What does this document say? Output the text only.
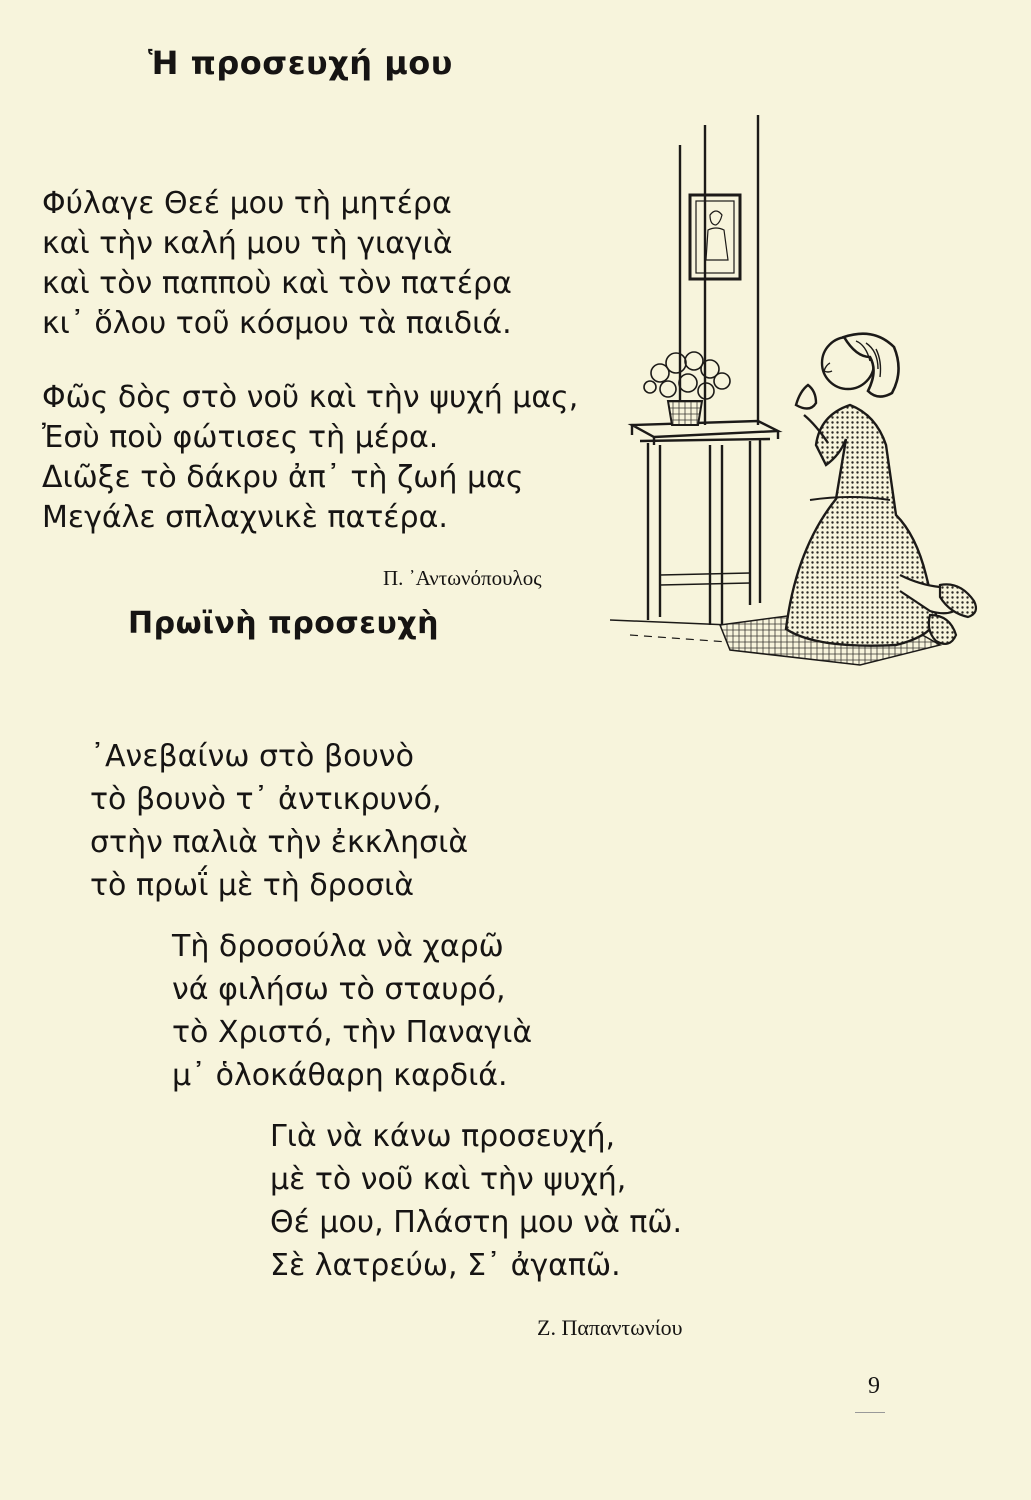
Ἡ προσευχή μου
Φύλαγε Θεέ μου τὴ μητέρα
καὶ τὴν καλή μου τὴ γιαγιὰ
καὶ τὸν παπποὺ καὶ τὸν πατέρα
κι᾽ ὅλου τοῦ κόσμου τὰ παιδιά.
Φῶς δὸς στὸ νοῦ καὶ τὴν ψυχή μας,
Ἐσὺ ποὺ φώτισες τὴ μέρα.
Διῶξε τὸ δάκρυ ἀπ᾽ τὴ ζωή μας
Μεγάλε σπλαχνικὲ πατέρα.
Π. ᾽Αντωνόπουλος
Πρωϊνὴ προσευχὴ
᾽Ανεβαίνω στὸ βουνὸ
τὸ βουνὸ τ᾽ ἀντικρυνό,
στὴν παλιὰ τὴν ἐκκλησιὰ
τὸ πρωΐ μὲ τὴ δροσιὰ
Τὴ δροσούλα νὰ χαρῶ
νά φιλήσω τὸ σταυρό,
τὸ Χριστό, τὴν Παναγιὰ
μ᾽ ὁλοκάθαρη καρδιά.
Γιὰ νὰ κάνω προσευχή,
μὲ τὸ νοῦ καὶ τὴν ψυχή,
Θέ μου, Πλάστη μου νὰ πῶ.
Σὲ λατρεύω, Σ᾽ ἀγαπῶ.
Ζ. Παπαντωνίου
9
